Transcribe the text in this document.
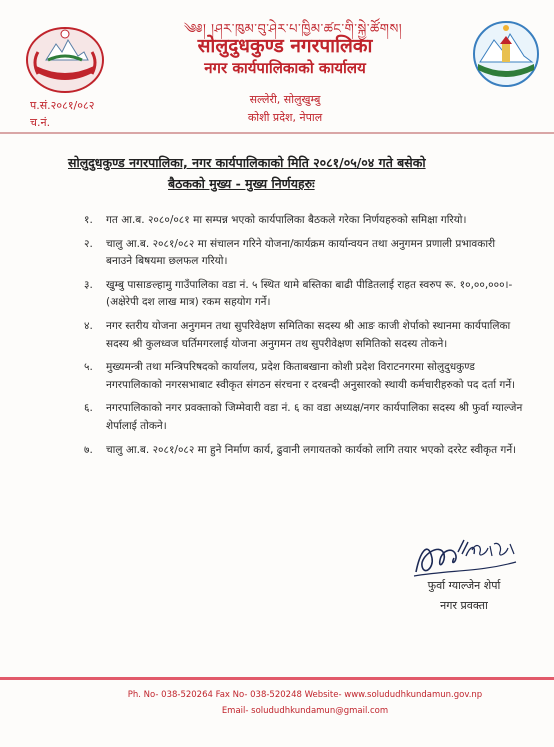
༄༅། །ཤར་ཁུམ་བུ་ཤེར་པ་ཁྱིམ་ཚང་གི་སྐྱེ་ཚོགས།
सोलुदुधकुण्ड नगरपालिका
नगर कार्यपालिकाको कार्यालय
सल्लेरी, सोलुखुम्बु
कोशी प्रदेश, नेपाल
प.सं.२०८१/०८२
च.नं.
सोलुदुधकुण्ड नगरपालिका, नगर कार्यपालिकाको मिति २०८१/०५/०४ गते बसेको
बैठकको मुख्य - मुख्य निर्णयहरुः
१. गत आ.ब. २०८०/०८१ मा सम्पन्न भएको कार्यपालिका बैठकले गरेका निर्णयहरुको समिक्षा गरियो।
२. चालु आ.ब. २०८१/०८२ मा संचालन गरिने योजना/कार्यक्रम कार्यान्वयन तथा अनुगमन प्रणाली प्रभावकारी बनाउने बिषयमा छलफल गरियो।
३. खुम्बु पासाङल्हामु गाउँपालिका वडा नं. ५ स्थित थामे बस्तिका बाढी पीडितलाई राहत स्वरुप रू. १०,००,०००।- (अक्षेरेपी दश लाख मात्र) रकम सहयोग गर्ने।
४. नगर स्तरीय योजना अनुगमन तथा सुपरिवेक्षण समितिका सदस्य श्री आङ काजी शेर्पाको स्थानमा कार्यपालिका सदस्य श्री कुलध्वज घर्तिमगरलाई योजना अनुगमन तथ सुपरीवेक्षण समितिको सदस्य तोकने।
५. मुख्यमन्त्री तथा मन्त्रिपरिषदको कार्यालय, प्रदेश किताबखाना कोशी प्रदेश विराटनगरमा सोलुदुधकुण्ड नगरपालिकाको नगरसभाबाट स्वीकृत संगठन संरचना र दरबन्दी अनुसारको स्थायी कर्मचारीहरुको पद दर्ता गर्ने।
६. नगरपालिकाको नगर प्रवक्ताको जिम्मेवारी वडा नं. ६ का वडा अध्यक्ष/नगर कार्यपालिका सदस्य श्री फुर्वा ग्याल्जेन शेर्पालाई तोकने।
७. चालु आ.ब. २०८१/०८२ मा हुने निर्माण कार्य, ढुवानी लगायतको कार्यको लागि तयार भएको दररेट स्वीकृत गर्ने।
फुर्वा ग्याल्जेन शेर्पा
नगर प्रवक्ता
Ph. No- 038-520264 Fax No- 038-520248 Website- www.solududhkundamun.gov.np
Email- solududhkundamun@gmail.com
